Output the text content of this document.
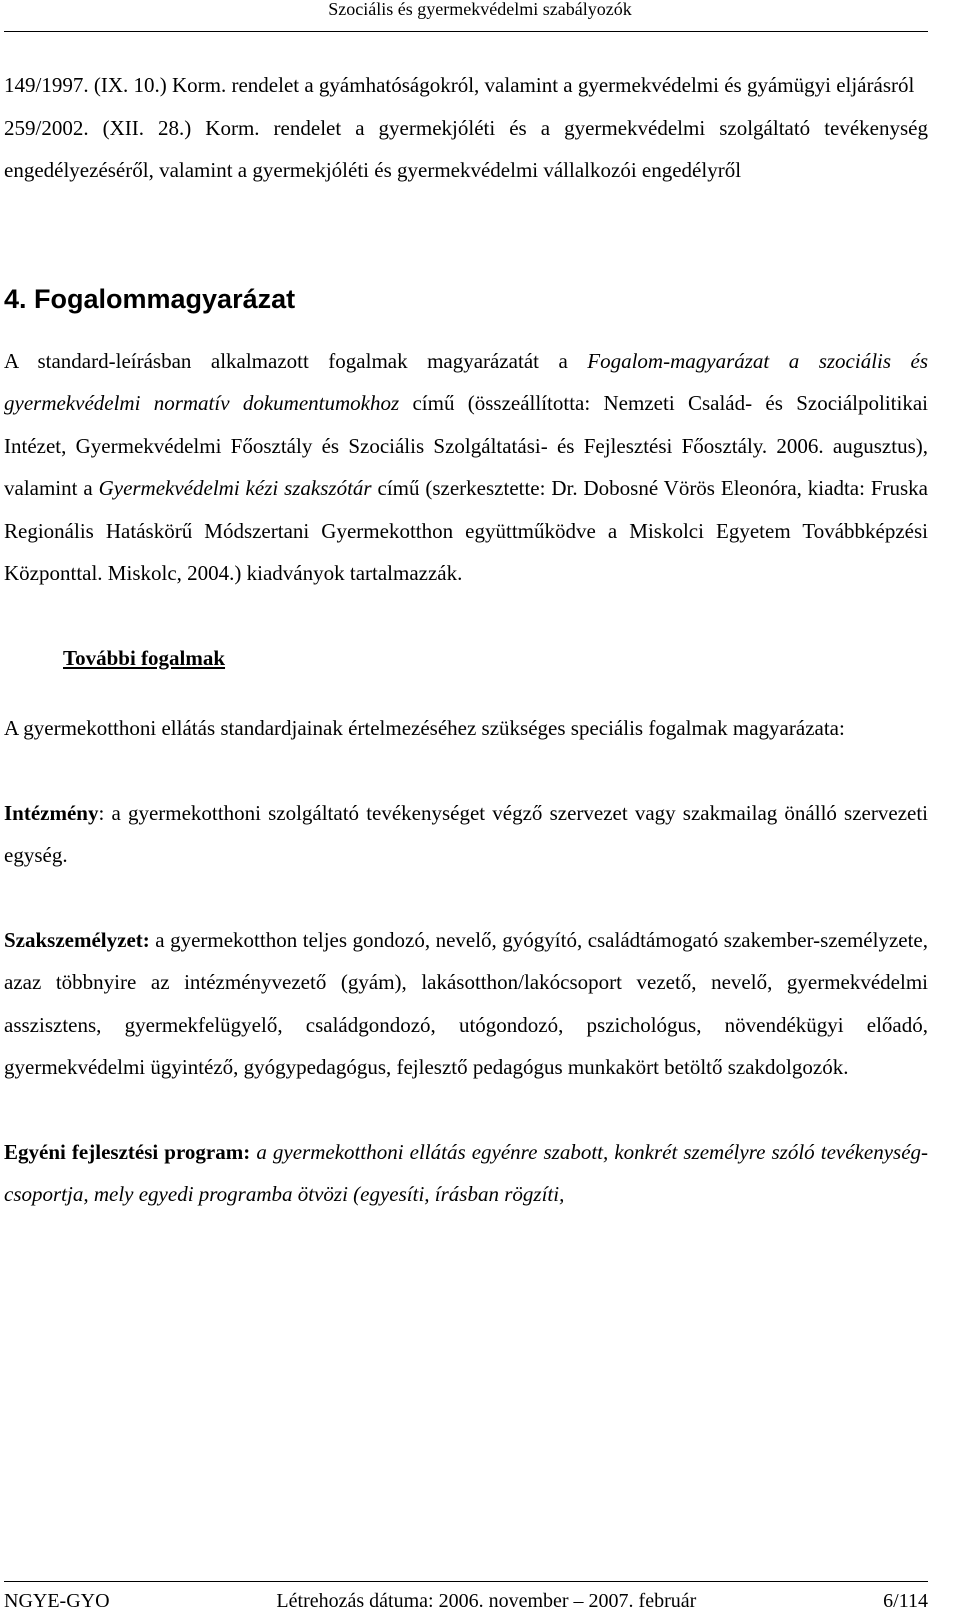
Szociális és gyermekvédelmi szabályozók

149/1997. (IX. 10.) Korm. rendelet a gyámhatóságokról, valamint a gyermekvédelmi és gyámügyi eljárásról

259/2002. (XII. 28.) Korm. rendelet a gyermekjóléti és a gyermekvédelmi szolgáltató tevékenység engedélyezéséről, valamint a gyermekjóléti és gyermekvédelmi vállalkozói engedélyről

4. Fogalommagyarázat

A standard-leírásban alkalmazott fogalmak magyarázatát a Fogalom-magyarázat a szociális és gyermekvédelmi normatív dokumentumokhoz című (összeállította: Nemzeti Család- és Szociálpolitikai Intézet, Gyermekvédelmi Főosztály és Szociális Szolgáltatási- és Fejlesztési Főosztály. 2006. augusztus), valamint a Gyermekvédelmi kézi szakszótár című (szerkesztette: Dr. Dobosné Vörös Eleonóra, kiadta: Fruska Regionális Hatáskörű Módszertani Gyermekotthon együttműködve a Miskolci Egyetem Továbbképzési Központtal. Miskolc, 2004.) kiadványok tartalmazzák.

További fogalmak

A gyermekotthoni ellátás standardjainak értelmezéséhez szükséges speciális fogalmak magyarázata:

Intézmény: a gyermekotthoni szolgáltató tevékenységet végző szervezet vagy szakmailag önálló szervezeti egység.

Szakszemélyzet: a gyermekotthon teljes gondozó, nevelő, gyógyító, családtámogató szakember-személyzete, azaz többnyire az intézményvezető (gyám), lakásotthon/lakócsoport vezető, nevelő, gyermekvédelmi asszisztens, gyermekfelügyelő, családgondozó, utógondozó, pszichológus, növendékügyi előadó, gyermekvédelmi ügyintéző, gyógypedagógus, fejlesztő pedagógus munkakört betöltő szakdolgozók.

Egyéni fejlesztési program: a gyermekotthoni ellátás egyénre szabott, konkrét személyre szóló tevékenység-csoportja, mely egyedi programba ötvözi (egyesíti, írásban rögzíti,

NGYE-GYO	Létrehozás dátuma: 2006. november – 2007. február	6/114
